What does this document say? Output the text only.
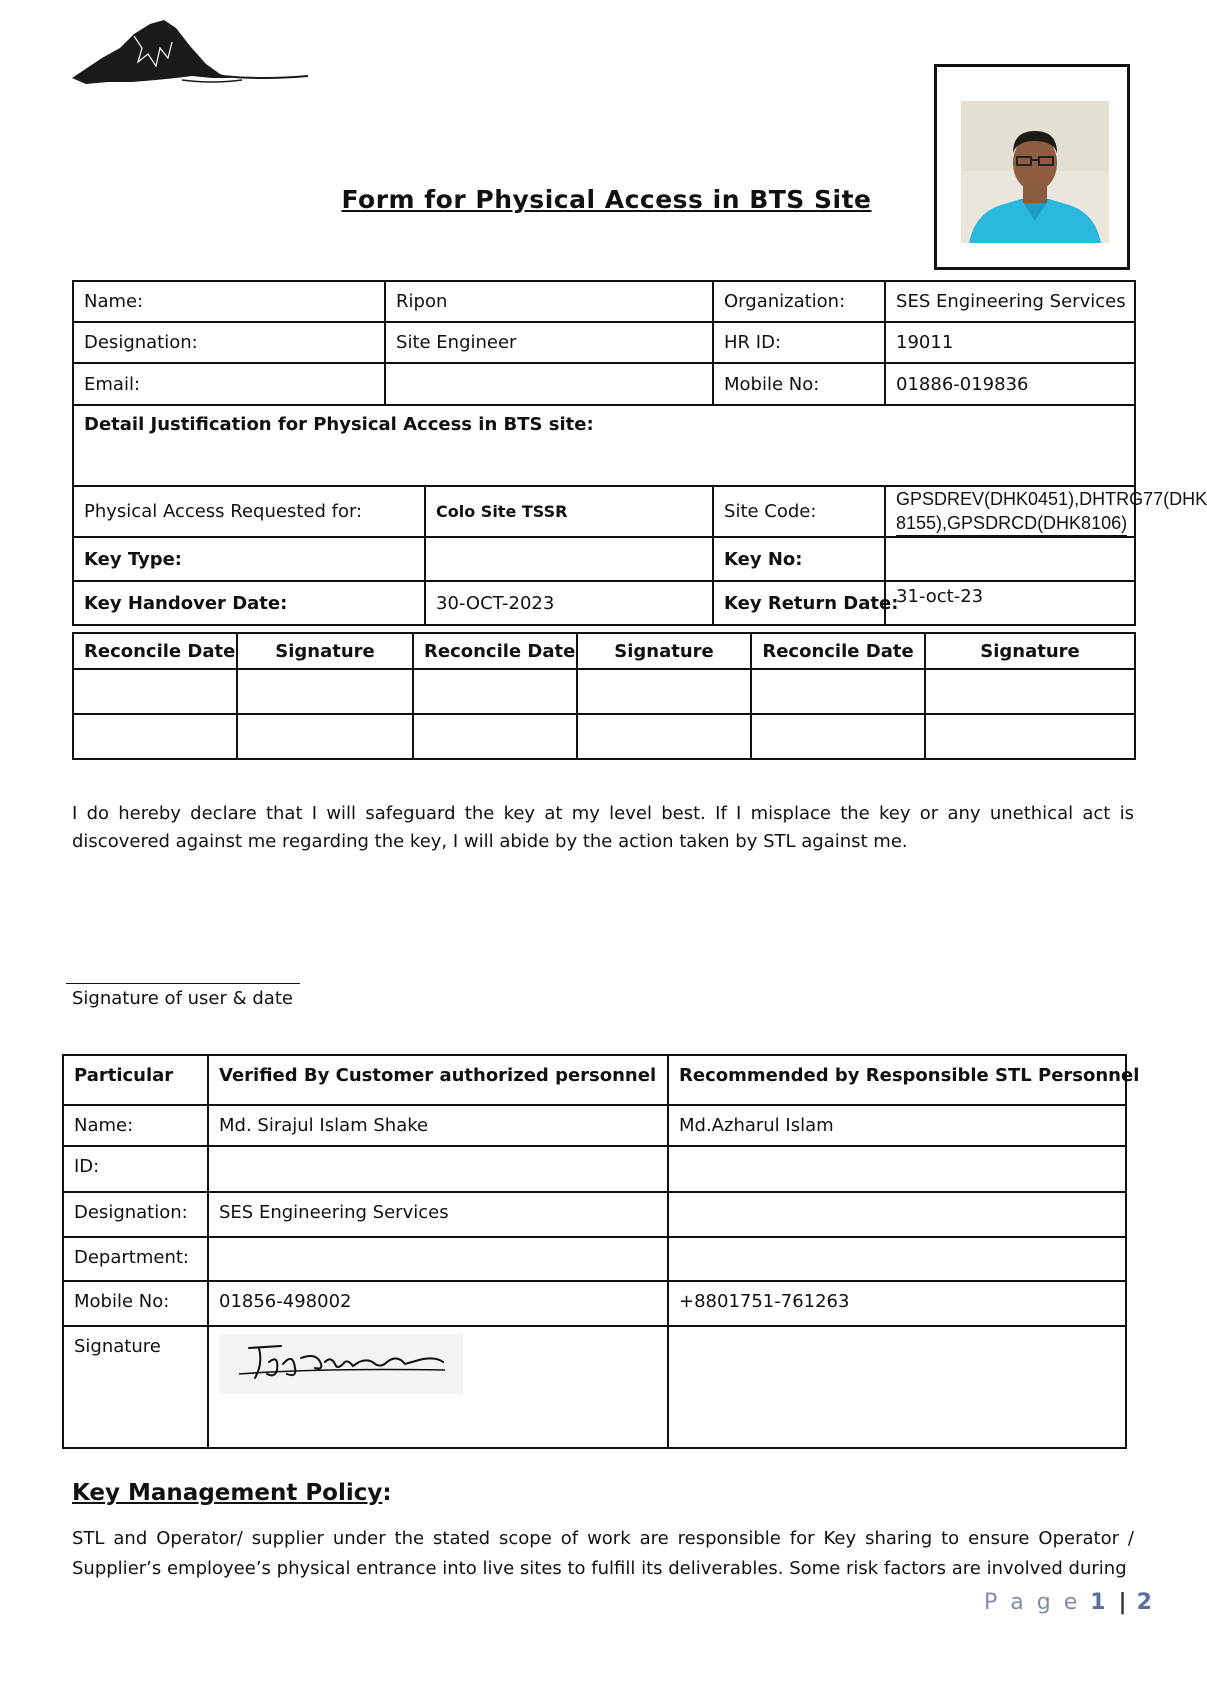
Form for Physical Access in BTS Site
Name:	Ripon		Organization:	SES Engineering Services
Designation:	Site Engineer		HR ID:	19011
Email:			Mobile No:	01886-019836
Detail Justification for Physical Access in BTS site:				
Physical Access Requested for:		Colo Site TSSR	Site Code:	GPSDREV(DHK0451),DHTRG77(DHK
8155),GPSDRCD(DHK8106)
Key Type:			Key No:	
Key Handover Date:		30-OCT-2023	Key Return Date:	31-oct-23
Reconcile Date	Signature	Reconcile Date	Signature	Reconcile Date	Signature

I do hereby declare that I will safeguard the key at my level best. If I misplace the key or any unethical act is discovered against me regarding the key, I will abide by the action taken by STL against me.
Signature of user & date
Particular	Verified By Customer authorized personnel	Recommended by Responsible STL Personnel
Name:	Md. Sirajul Islam Shake	Md.Azharul Islam
ID:		
Designation:	SES Engineering Services	
Department:		
Mobile No:	01856-498002	+8801751-761263
Signature	

Key Management Policy:
STL and Operator/ supplier under the stated scope of work are responsible for Key sharing to ensure Operator / Supplier’s employee’s physical entrance into live sites to fulfill its deliverables. Some risk factors are involved during
P a g e 1 | 2
